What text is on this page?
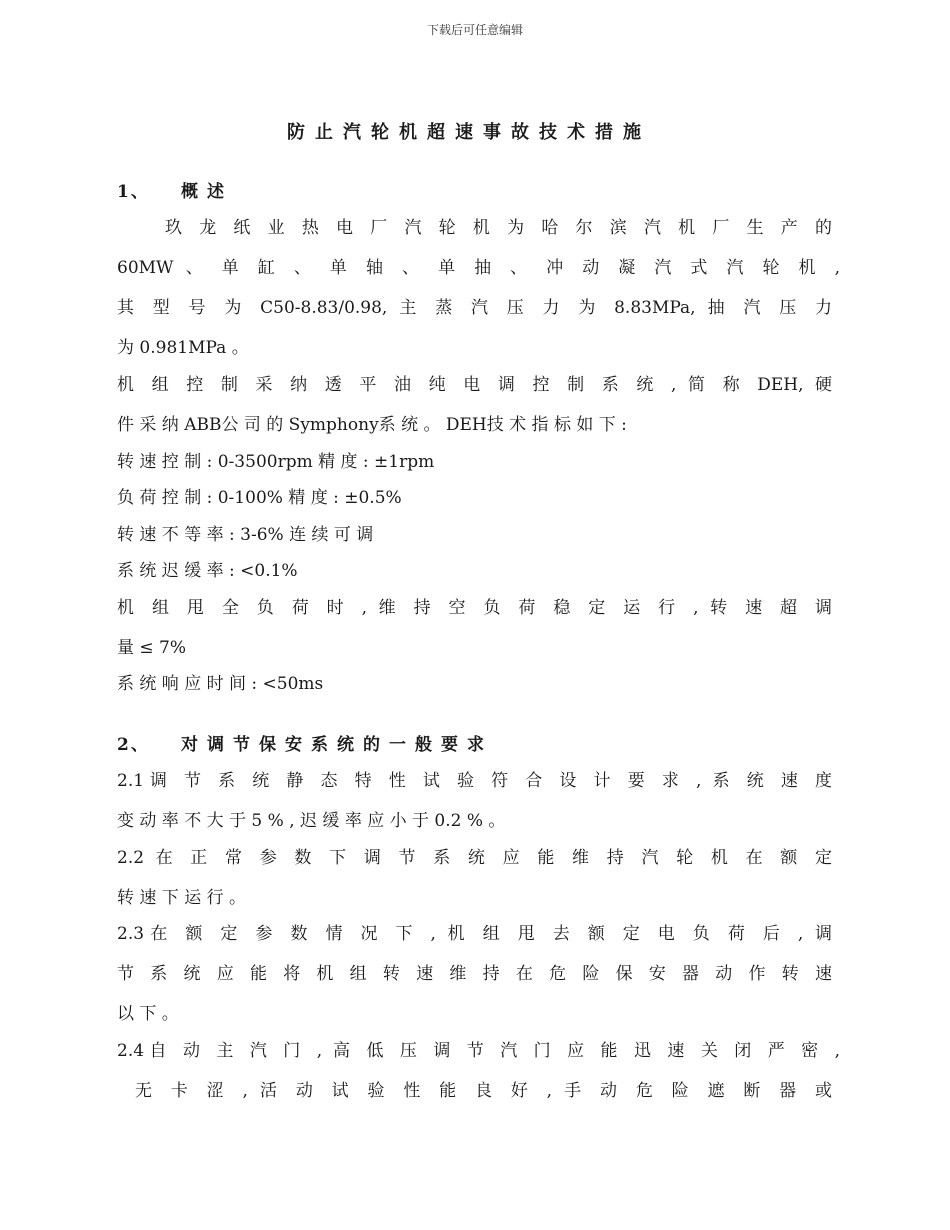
下载后可任意编辑
防止汽轮机超速事故技术措施
1、 概述
玖 龙 纸 业 热 电 厂 汽 轮 机 为 哈 尔 滨 汽 机 厂 生 产 的
60MW 、 单 缸 、 单 轴 、 单 抽 、 冲 动 凝 汽 式 汽 轮 机 ,
其 型 号 为 C50-8.83/0.98, 主 蒸 汽 压 力 为 8.83MPa, 抽 汽 压 力
为 0.981MPa 。
机 组 控 制 采 纳 透 平 油 纯 电 调 控 制 系 统 , 简 称 DEH, 硬
件 采 纳 ABB公 司 的 Symphony系 统 。 DEH技 术 指 标 如 下 :
转 速 控 制 : 0-3500rpm 精 度 : ±1rpm
负 荷 控 制 : 0-100% 精 度 : ±0.5%
转 速 不 等 率 : 3-6% 连 续 可 调
系 统 迟 缓 率 : <0.1%
机 组 甩 全 负 荷 时 , 维 持 空 负 荷 稳 定 运 行 , 转 速 超 调
量 ≤ 7%
系 统 响 应 时 间 : <50ms
2、 对调节保安系统的一般要求
2.1调 节 系 统 静 态 特 性 试 验 符 合 设 计 要 求 , 系 统 速 度
变 动 率 不 大 于 5 % , 迟 缓 率 应 小 于 0.2 % 。
2.2 在 正 常 参 数 下 调 节 系 统 应 能 维 持 汽 轮 机 在 额 定
转 速 下 运 行 。
2.3在 额 定 参 数 情 况 下 , 机 组 甩 去 额 定 电 负 荷 后 , 调
节 系 统 应 能 将 机 组 转 速 维 持 在 危 险 保 安 器 动 作 转 速
以 下 。
2.4自 动 主 汽 门 , 高 低 压 调 节 汽 门 应 能 迅 速 关 闭 严 密 ,
无 卡 涩 , 活 动 试 验 性 能 良 好 , 手 动 危 险 遮 断 器 或
